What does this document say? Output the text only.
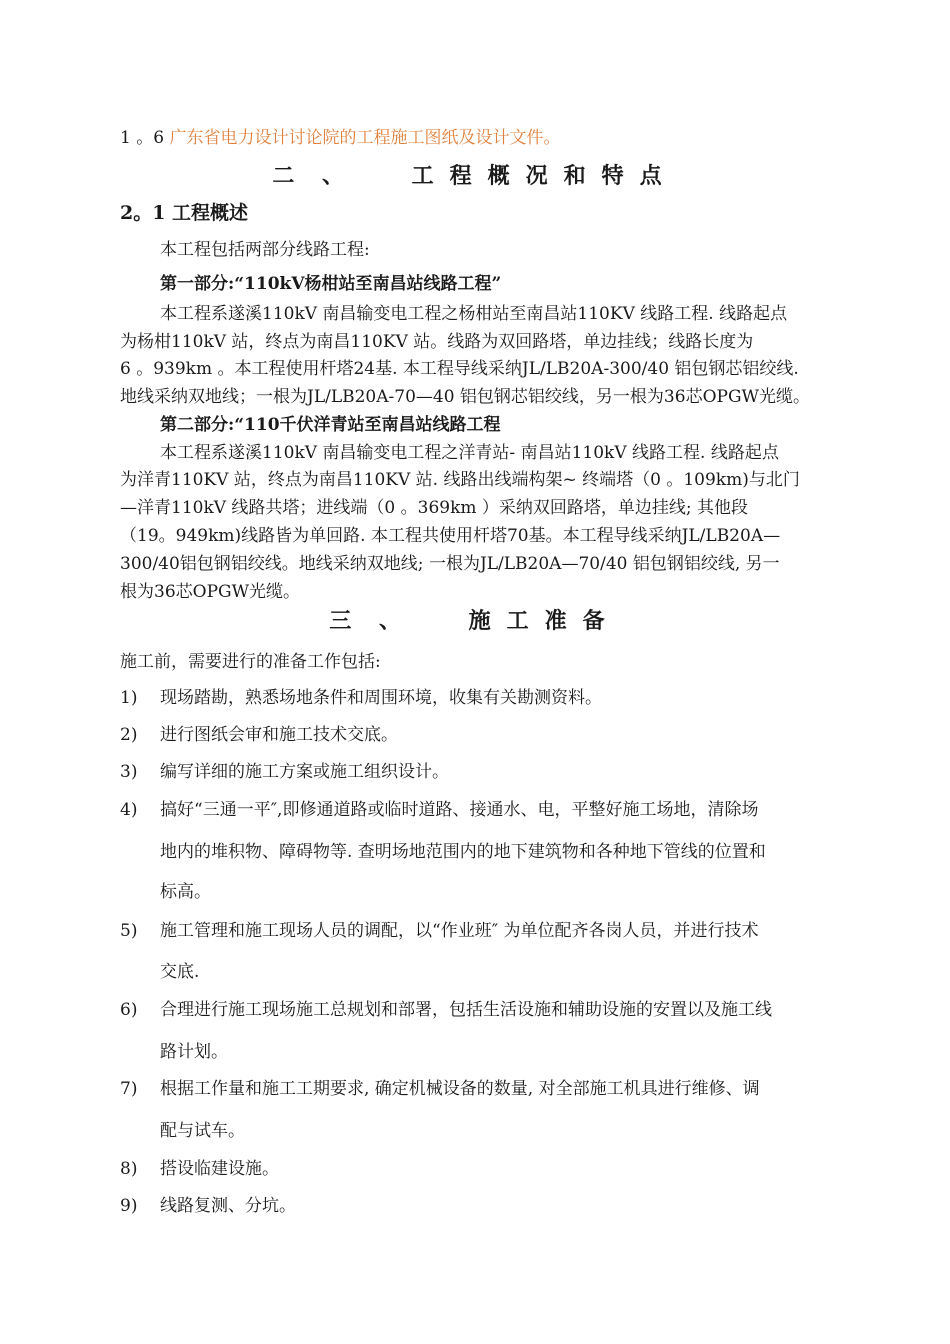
1 。6 广东省电力设计讨论院的工程施工图纸及设计文件。
二 、	工程概况和特点
2。1 工程概述
本工程包括两部分线路工程:
第一部分:“110kV杨柑站至南昌站线路工程”
本工程系遂溪110kV 南昌输变电工程之杨柑站至南昌站110KV 线路工程. 线路起点
为杨柑110kV 站，终点为南昌110KV 站。线路为双回路塔，单边挂线；线路长度为
6 。939km 。本工程使用杆塔24基. 本工程导线采纳JL/LB20A-300/40 铝包钢芯铝绞线.
地线采纳双地线；一根为JL/LB20A-70—40 铝包钢芯铝绞线，另一根为36芯OPGW光缆。
第二部分:“110千伏洋青站至南昌站线路工程
本工程系遂溪110kV 南昌输变电工程之洋青站- 南昌站110kV 线路工程. 线路起点
为洋青110KV 站，终点为南昌110KV 站. 线路出线端构架~ 终端塔（0 。109km)与北门
—洋青110kV 线路共塔；进线端（0 。369km ）采纳双回路塔，单边挂线; 其他段
（19。949km)线路皆为单回路. 本工程共使用杆塔70基。本工程导线采纳JL/LB20A—
300/40铝包钢铝绞线。地线采纳双地线; 一根为JL/LB20A—70/40 铝包钢铝绞线, 另一
根为36芯OPGW光缆。
三 、	施工准备
施工前，需要进行的准备工作包括:
1) 现场踏勘，熟悉场地条件和周围环境，收集有关勘测资料。
2) 进行图纸会审和施工技术交底。
3) 编写详细的施工方案或施工组织设计。
4) 搞好“三通一平″,即修通道路或临时道路、接通水、电，平整好施工场地，清除场
地内的堆积物、障碍物等. 查明场地范围内的地下建筑物和各种地下管线的位置和
标高。
5) 施工管理和施工现场人员的调配，以“作业班″ 为单位配齐各岗人员，并进行技术
交底.
6) 合理进行施工现场施工总规划和部署，包括生活设施和辅助设施的安置以及施工线
路计划。
7) 根据工作量和施工工期要求, 确定机械设备的数量, 对全部施工机具进行维修、调
配与试车。
8) 搭设临建设施。
9) 线路复测、分坑。
